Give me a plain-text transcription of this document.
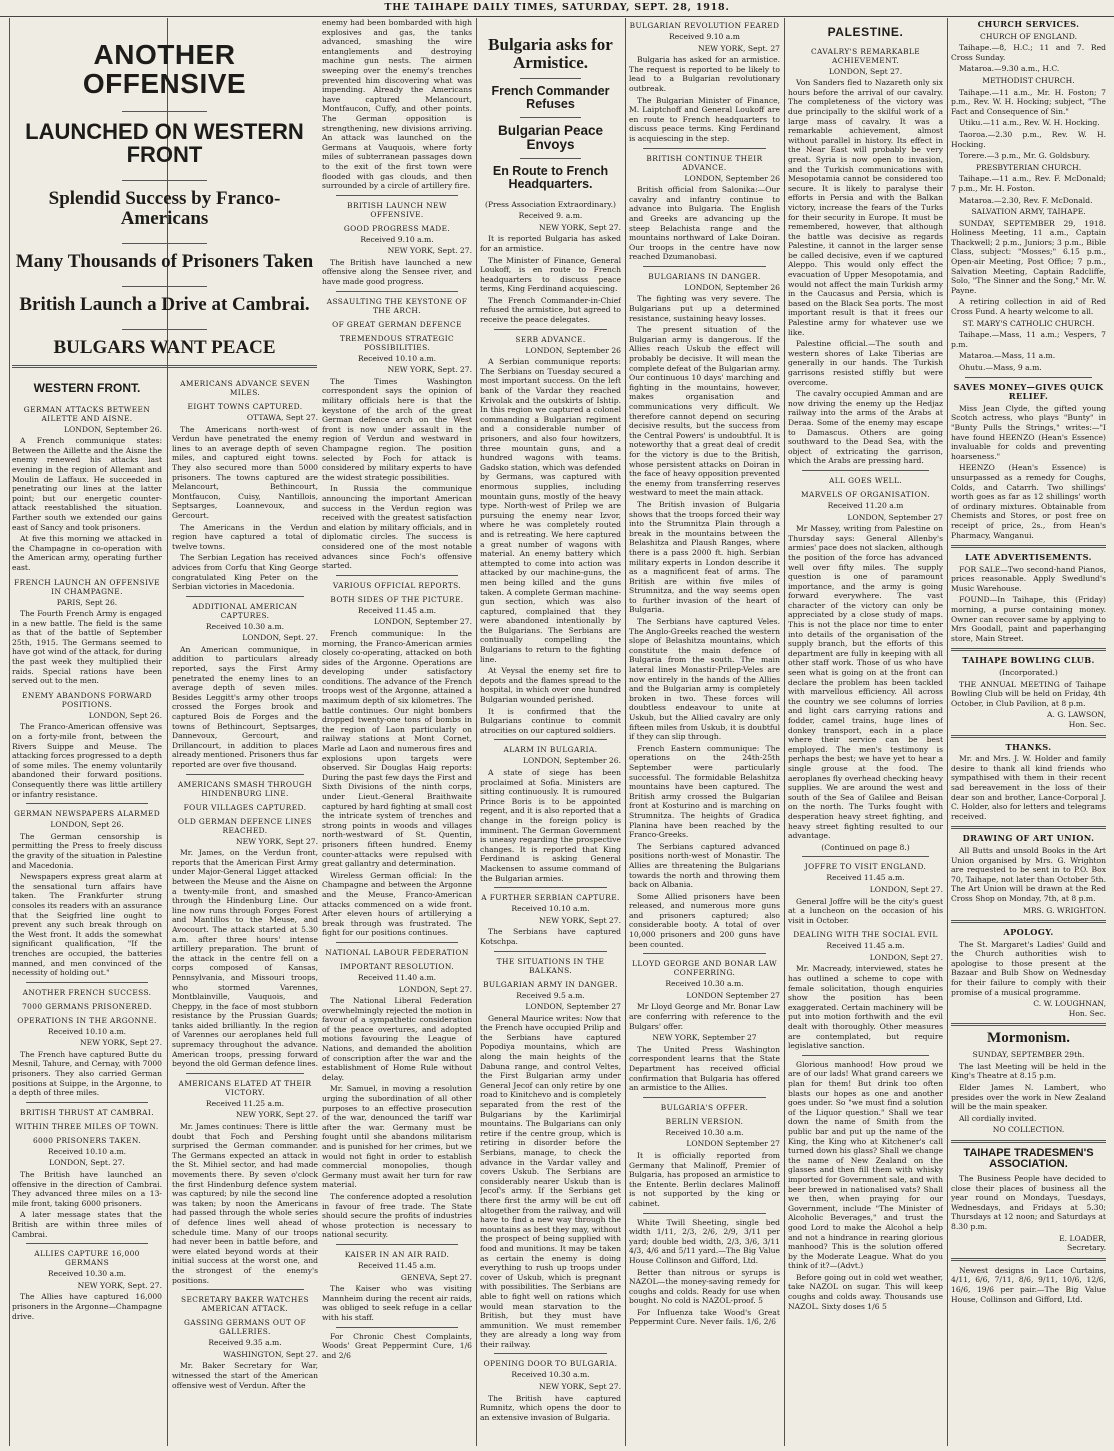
THE TAIHAPE DAILY TIMES, SATURDAY, SEPT. 28, 1918.
ANOTHER OFFENSIVE
LAUNCHED ON WESTERN FRONT
Splendid Success by Franco-Americans
Many Thousands of Prisoners Taken
British Launch a Drive at Cambrai.
BULGARS WANT PEACE
WESTERN FRONT.
GERMAN ATTACKS BETWEEN AILETTE AND AISNE.
LONDON, September 26.

A French communique states: Between the Aillette and the Aisne the enemy renewed his attacks last evening in the region of Allemant and Moulin de Laffaux. He succeeded in penetrating our lines at the latter point; but our energetic counter-attack reestablished the situation. Farther south we extended our gains east of Sancy and took prisoners.

At five this morning we attacked in the Champagne in co-operation with the American army, operating further east.

FRENCH LAUNCH AN OFFENSIVE IN CHAMPAGNE.
PARIS, Sept 26.

The Fourth French Army is engaged in a new battle. The field is the same as that of the battle of September 25th, 1915. The Germans seemed to have got wind of the attack, for during the past week they multiplied their raids. Special rations have been served out to the men.

ENEMY ABANDONS FORWARD POSITIONS.
LONDON, Sept 26.

The Franco-American offensive was on a forty-mile front, between the Rivers Suippe and Meuse. The attacking forces progressed to a depth of some miles. The enemy voluntarily abandoned their forward positions. Consequently there was little artillery or infantry resistance.

GERMAN NEWSPAPERS ALARMED
LONDON, Sept 26.

The German censorship is permitting the Press to freely discuss the gravity of the situation in Palestine and Macedonia.

Newspapers express great alarm at the sensational turn affairs have taken. The Frankfurter strung consoles its readers with an assurance that the Seigfried line ought to prevent any such break through on the West front. It adds the somewhat significant qualification, "If the trenches are occupied, the batteries manned, and men convinced of the necessity of holding out."

ANOTHER FRENCH SUCCESS.
7000 GERMANS PRISONERED.
OPERATIONS IN THE ARGONNE.
Received 10.10 a.m.
NEW YORK, Sept 27.

The French have captured Butte du Mesnil, Tahure, and Cernay, with 7000 prisoners. They also carried German positions at Suippe, in the Argonne, to a depth of three miles.

BRITISH THRUST AT CAMBRAI.
WITHIN THREE MILES OF TOWN.
6000 PRISONERS TAKEN.
Received 10.10 a.m.
LONDON, Sept. 27.

The British have launched an offensive in the direction of Cambrai. They advanced three miles on a 13-mile front, taking 6000 prisoners.

A later message states that the British are within three miles of Cambrai.

ALLIES CAPTURE 16,000 GERMANS
Received 10.30 a.m.
NEW YORK, Sept. 27.

The Allies have captured 16,000 prisoners in the Argonne—Champagne drive.

AMERICANS ADVANCE SEVEN MILES.
EIGHT TOWNS CAPTURED.
OTTAWA, Sept 27.

The Americans north-west of Verdun have penetrated the enemy lines to an average depth of seven miles, and captured eight towns. They also secured more than 5000 prisoners. The towns captured are Melancourt, Bethincourt, Montfaucon, Cuisy, Nantillois, Septsarges, Loannevoux, and Gercourt.

The Americans in the Verdun region have captured a total of twelve towns.

The Serbian Legation has received advices from Corfu that King George congratulated King Peter on the Serbian victories in Macedonia.

ADDITIONAL AMERICAN CAPTURES.
Received 10.30 a.m.
LONDON, Sept. 27.

An American communique, in addition to particulars already reported, says the First Army penetrated the enemy lines to an average depth of seven miles. Besides Leggitt's army other troops crossed the Forges brook and captured Bois de Forges and the towns of Bethincourt, Septsarges, Dannevoux, Gercourt, and Drillancourt, in addition to places already mentioned. Prisoners thus far reported are over five thousand.

AMERICANS SMASH THROUGH HINDENBURG LINE.
FOUR VILLAGES CAPTURED.
OLD GERMAN DEFENCE LINES REACHED.
NEW YORK, Sept 27.

Mr. James, on the Verdun front, reports that the American First Army under Major-General Ligget attacked between the Meuse and the Aisne on a twenty-mile front, and smashed through the Hindenburg Line. Our line now runs through Forges Forest and Mantillos to the Meuse, and Avocourt. The attack started at 5.30 a.m. after three hours' intense artillery preparation. The brunt of the attack in the centre fell on a corps composed of Kansas, Pennsylvania, and Missouri troops, who stormed Varennes, Montblainville, Vauquois, and Cheppy, in the face of most stubborn resistance by the Prussian Guards; tanks aided brilliantly. In the region of Varennes our aeroplanes held full supremacy throughout the advance. American troops, pressing forward beyond the old German defence lines.

AMERICANS ELATED AT THEIR VICTORY.
Received 11.25 a.m.
NEW YORK, Sept 27.

Mr. James continues: There is little doubt that Foch and Pershing surprised the German commander. The Germans expected an attack in the St. Mihiel sector, and had made movements there. By seven o'clock the first Hindenburg defence system was captured; by nile the second line was taken; by noon the Americans had passed through the whole series of defence lines well ahead of schedule time. Many of our troops had never been in battle before, and were elated beyond words at their initial success at the worst one, and the strongest of the enemy's positions.

SECRETARY BAKER WATCHES AMERICAN ATTACK.
GASSING GERMANS OUT OF GALLERIES.
Received 9.35 a.m.
WASHINGTON, Sept 27.

Mr. Baker Secretary for War, witnessed the start of the American offensive west of Verdun. After the

enemy had been bombarded with high explosives and gas, the tanks advanced, smashing the wire entanglements and destroying machine gun nests. The airmen sweeping over the enemy's trenches prevented him discovering what was impending. Already the Americans have captured Melancourt, Montfaucon, Cuffy, and other points. The German opposition is strengthening, new divisions arriving. An attack was launched on the Germans at Vauquois, where forty miles of subterranean passages down to the exit of the first town were flooded with gas clouds, and then surrounded by a circle of artillery fire.

BRITISH LAUNCH NEW OFFENSIVE.
GOOD PROGRESS MADE.
Received 9.10 a.m.
NEW YORK, Sept. 27.

The British have launched a new offensive along the Sensee river, and have made good progress.

ASSAULTING THE KEYSTONE OF THE ARCH.
OF GREAT GERMAN DEFENCE
TREMENDOUS STRATEGIC POSSIBILITIES.
Received 10.10 a.m.
NEW YORK, Sept. 27.

The Times Washington correspondent says the opinion of military officials here is that the keystone of the arch of the great German defence arch on the West front is now under assault in the region of Verdun and westward in Champagne region. The position selected by Foch for attack is considered by military experts to have the widest strategic possibilities.

In Russia the communique announcing the important American success in the Verdun region was received with the greatest satisfaction and elation by military officials, and in diplomatic circles. The success is considered one of the most notable advances since Foch's offensive started.

VARIOUS OFFICIAL REPORTS.
BOTH SIDES OF THE PICTURE.
Received 11.45 a.m.
LONDON, September 27.

French communique: In the morning, the Franco-American armies closely co-operating, attacked on both sides of the Argonne. Operations are developing under satisfactory conditions. The advance of the French troops west of the Argonne, attained a maximum depth of six kilometres. The battle continues. Our night bombers dropped twenty-one tons of bombs in the region of Laon particularly on railway stations at Mont Cornet, Marle ad Laon and numerous fires and explosions upon targets were observed. Sir Douglas Haig reports: During the past few days the First and Sixth Divisions of the ninth corps, under Lieut.-General Braithwaite captured by hard fighting at small cost the intricate system of trenches and strong points in woods and villages north-westward of St. Quentin, prisoners fifteen hundred. Enemy counter-attacks were repulsed with great gallantry and determination.

Wireless German official: In the Champagne and between the Argonne and the Meuse, Franco-American attacks commenced on a wide front. After eleven hours of artillerying a break through was frustrated. The fight for our positions continues.

NATIONAL LABOUR FEDERATION
IMPORTANT RESOLUTION.
Received 11.40 a.m.
LONDON, Sept 27.

The National Liberal Federation overwhelmingly rejected the motion in favour of a sympathetic consideration of the peace overtures, and adopted motions favouring the League of Nations, and demanded the abolition of conscription after the war and the establishment of Home Rule without delay.

Mr. Samuel, in moving a resolution urging the subordination of all other purposes to an effective prosecution of the war, denounced the tariff war after the war. Germany must be fought until she abandons militarism and is punished for her crimes, but we would not fight in order to establish commercial monopolies, though Germany must await her turn for raw material.

The conference adopted a resolution in favour of free trade. The State should secure the profits of industries whose protection is necessary to national security.

KAISER IN AN AIR RAID.
Received 11.45 a.m.
GENEVA, Sept 27.

The Kaiser who was visiting Mannheim during the recent air raids, was obliged to seek refuge in a cellar with his staff.

For Chronic Chest Complaints, Woods' Great Peppermint Cure, 1/6 and 2/6

Bulgaria asks for Armistice.
French Commander Refuses
Bulgarian Peace Envoys
En Route to French Headquarters.
(Press Association Extraordinary.)
Received 9. a.m.
NEW YORK, Sept 27.

It is reported Bulgaria has asked for an armistice.

The Minister of Finance, General Loukoff, is en route to French headquarters to discuss peace terms, King Ferdinand acquiescing.

The French Commander-in-Chief refused the armistice, but agreed to receive the peace delegates.

SERB ADVANCE.
LONDON, September 26

A Serbian communique reports: The Serbians on Tuesday secured a most important success. On the left bank of the Vardar they reached Krivolak and the outskirts of Ishtip. In this region we captured a colonel commanding a Bulgarian regiment and a considerable number of prisoners, and also four howitzers, three mountain guns, and a hundred wagons with teams. Gadsko station, which was defended by Germans, was captured with enormous supplies, including mountain guns, mostly of the heavy type. North-west of Prilep we are pursuing the enemy near Izvor, where he was completely routed and is retreating. We here captured a great number of wagons with material. An enemy battery which attempted to come into action was attacked by our machine-guns, the men being killed and the guns taken. A complete German machine-gun section, which was also captured, complained that they were abandoned intentionally by the Bulgarians. The Serbians are continually compelling the Bulgarians to return to the fighting line.

At Veysal the enemy set fire to depots and the flames spread to the hospital, in which over one hundred Bulgarian wounded perished.

It is confirmed that the Bulgarians continue to commit atrocities on our captured soldiers.

ALARM IN BULGARIA.
LONDON, September 26.

A state of siege has been proclaimed at Sofia. Ministers are sitting continuously. It is rumoured Prince Boris is to be appointed regent, and it is also reported that a change in the foreign policy is imminent. The German Government is uneasy regarding the prospective changes. It is reported that King Ferdinand is asking General Mackensen to assume command of the Bulgarian armies.

A FURTHER SERBIAN CAPTURE.
Received 10.10 a.m.
NEW YORK, Sept 27.

The Serbians have captured Kotschpa.

THE SITUATIONS IN THE BALKANS.
BULGARIAN ARMY IN DANGER.
Received 9.5 a.m.
LONDON, September 27

General Maurice writes: Now that the French have occupied Prilip and the Serbians have captured Popodiya mountains, which are along the main heights of the Dabuna range, and control Veltes, the First Bulgarian army under General Jecof can only retire by one road to Kinitchevo and is completely separated from the rest of the Bulgarians by the Karlimirjal mountains. The Bulgarians can only retire if the centre group, which is retiring in disorder before the Serbians, manage, to check the advance in the Vardar valley and covers Uskub. The Serbians are considerably nearer Uskub than is Jecof's army. If the Serbians get there first the army will be cut off altogether from the railway, and will have to find a new way through the mountains as best they may, without the prospect of being supplied with food and munitions. It may be taken as certain the enemy is doing everything to rush up troops under cover of Uskub, which is pregnant with possibilities. The Serbians are able to fight well on rations which would mean starvation to the British, but they must have ammunition. We must remember they are already a long way from their railway.

OPENING DOOR TO BULGARIA.
Received 10.30 a.m.
NEW YORK, Sept 27.

The British have captured Rumnitz, which opens the door to an extensive invasion of Bulgaria.

BULGARIAN REVOLUTION FEARED
Received 9.10 a.m
NEW YORK, Sept. 27

Bulgaria has asked for an armistice. The request is reported to be likely to lead to a Bulgarian revolutionary outbreak.

The Bulgarian Minister of Finance, M. Laiptchoff and General Loukoff are en route to French headquarters to discuss peace terms. King Ferdinand is acquiescing in the step.

BRITISH CONTINUE THEIR ADVANCE.
LONDON, September 26

British official from Salonika:—Our cavalry and infantry continue to advance into Bulgaria. The English and Greeks are advancing up the steep Belachista range and the mountains northward of Lake Doiran. Our troops in the centre have now reached Dzumanobasi.

BULGARIANS IN DANGER.
LONDON, September 26

The fighting was very severe. The Bulgarians put up a determined resistance, sustaining heavy losses.

The present situation of the Bulgarian army is dangerous. If the Allies reach Uskub the effect will probably be decisive. It will mean the complete defeat of the Bulgarian army. Our continuous 10 days' marching and fighting in the mountains, however, makes organisation and communications very difficult. We therefore cannot depend on securing decisive results, but the success from the Central Powers' is undoubtful. It is noteworthy that a great deal of credit for the victory is due to the British, whose persistent attacks on Doiran in the face of heavy opposition prevented the enemy from transferring reserves westward to meet the main attack.

The British invasion of Bulgaria shows that the troops forced their way into the Strumnitza Plain through a break in the mountains between the Belashitza and Plaush Ranges, where there is a pass 2000 ft. high. Serbian military experts in London describe it as a magnificent feat of arms. The British are within five miles of Strumnitza, and the way seems open to further invasion of the heart of Bulgaria.

The Serbians have captured Veles. The Anglo-Greeks reached the western slope of Belashitza mountains, which constitute the main defence of Bulgaria from the south. The main lateral lines Monastir-Prilep-Veles are now entirely in the hands of the Allies and the Bulgarian army is completely broken in two. These forces will doubtless endeavour to unite at Uskub, but the Allied cavalry are only fifteen miles from Uskub, it is doubtful if they can slip through.

French Eastern communique: The operations on the 24th-25th September were particularly successful. The formidable Belashitza mountains have been captured. The British army crossed the Bulgarian front at Kosturino and is marching on Strumnitza. The heights of Gradica Planina have been reached by the Franco-Greeks.

The Serbians captured advanced positions north-west of Monastir. The Allies are threatening the Bulgarians towards the north and throwing them back on Albania.

Some Allied prisoners have been released, and numerous more guns and prisoners captured; also considerable booty. A total of over 10,000 prisoners and 200 guns have been counted.

LLOYD GEORGE AND BONAR LAW CONFERRING.
Received 10.30 a.m.
LONDON September 27

Mr Lloyd George and Mr. Bonar Law are conferring with reference to the Bulgars' offer.

NEW YORK, September 27

The United Press Washington correspondent learns that the State Department has received official confirmation that Bulgaria has offered an armistice to the Allies.

BULGARIA'S OFFER.
BERLIN VERSION.
Received 10.30 a.m.
LONDON September 27

It is officially reported from Germany that Malinoff, Premier of Bulgaria, has proposed an armistice to the Entente. Berlin declares Malinoff is not supported by the king or cabinet.

White Twill Sheeting, single bed width 1/11, 2/3, 2/6, 2/9, 3/11 per yard; double bed width, 2/3, 3/6, 3/11 4/3, 4/6 and 5/11 yard.—The Big Value House Collinson and Gifford, Ltd.

Better than nitrous or syrups is NAZOL—the money-saving remedy for coughs and colds. Ready for use when bought. No cold is NAZOL-proof. 5

For Influenza take Wood's Great Peppermint Cure. Never fails. 1/6, 2/6

PALESTINE.
CAVALRY'S REMARKABLE ACHIEVEMENT.
LONDON, Sept 27.

Von Sanders fled to Nazareth only six hours before the arrival of our cavalry. The completeness of the victory was due principally to the skilful work of a large mass of cavalry. It was a remarkable achievement, almost without parallel in history. Its effect in the Near East will probably be very great. Syria is now open to invasion, and the Turkish communications with Mesopotamia cannot be considered too secure. It is likely to paralyse their efforts in Persia and with the Balkan victory, increase the fears of the Turks for their security in Europe. It must be remembered, however, that although the battle was decisive as regards Palestine, it cannot in the larger sense be called decisive, even if we captured Aleppo. This would only effect the evacuation of Upper Mesopotamia, and would not affect the main Turkish army in the Caucasus and Persia, which is based on the Black Sea ports. The most important result is that it frees our Palestine army for whatever use we like.

Palestine official.—The south and western shores of Lake Tiberias are generally in our hands. The Turkish garrisons resisted stiffly but were overcome.

The cavalry occupied Amman and are now driving the enemy up the Hedjaz railway into the arms of the Arabs at Deraa. Some of the enemy may escape to Damascus. Others are going southward to the Dead Sea, with the object of extricating the garrison, which the Arabs are pressing hard.

ALL GOES WELL.
MARVELS OF ORGANISATION.
Received 11.20 a.m
LONDON, September 27

Mr Massey, writing from Palestine on Thursday says: General Allenby's armies' pace does not slacken, although the position of the force has advanced well over fifty miles. The supply question is one of paramount importance, and the army is going forward everywhere. The vast character of the victory can only be appreciated by a close study of maps. This is not the place nor time to enter into details of the organisation of the supply branch, but the efforts of this department are fully in keeping with all other staff work. Those of us who have seen what is going on at the front can declare the problem has been tackled with marvellous efficiency. All across the country we see columns of lorries and light cars carrying rations and fodder, camel trains, huge lines of donkey transport, each in a place where their service can be best employed. The men's testimony is perhaps the best; we have yet to hear a single grouse at the food. The aeroplanes fly overhead checking heavy supplies. We are around the west and south of the Sea of Galilee and Beisan on the north. The Turks fought with desperation heavy street fighting, and heavy street fighting resulted to our advantage.

(Continued on page 8.)
JOFFRE TO VISIT ENGLAND.
Received 11.45 a.m.
LONDON, Sept 27.

General Joffre will be the city's guest at a luncheon on the occasion of his visit in October.

DEALING WITH THE SOCIAL EVIL
Received 11.45 a.m.
LONDON, Sept 27.

Mr. Macready, interviewed, states he has outlined a scheme to cope with female solicitation, though enquiries show the position has been exaggerated. Certain machinery will be put into motion forthwith and the evil dealt with thoroughly. Other measures are contemplated, but require legislative sanction.

Glorious manhood! How proud we are of our lads! What grand careers we plan for them! But drink too often blasts our hopes as one and another goes under. So "we must find a solution of the Liquor question." Shall we tear down the name of Smith from the public bar and put up the name of the King, the King who at Kitchener's call turned down his glass? Shall we change the name of New Zealand on the glasses and then fill them with whisky imported for Government sale, and with beer brewed in nationalised vats? Shall we then, when praying for our Government, include "The Minister of Alcoholic Beverages," and trust the good Lord to make the Alcohol a help and not a hindrance in rearing glorious manhood? This is the solution offered by the Moderate League. What do you think of it?—(Advt.)

Before going out in cold wet weather, take NAZOL on sugar. This will keep coughs and colds away. Thousands use NAZOL. Sixty doses 1/6 5

CHURCH SERVICES.
CHURCH OF ENGLAND.

Taihape.—8, H.C.; 11 and 7. Red Cross Sunday.

Mataroa.—9.30 a.m., H.C.

METHODIST CHURCH.

Taihape.—11 a.m., Mr. H. Foston; 7 p.m., Rev. W. H. Hocking; subject, "The Fact and Consequence of Sin."

Utiku.—11 a.m., Rev. W. H. Hocking.

Taoroa.—2.30 p.m., Rev. W. H. Hocking.

Torere.—3 p.m., Mr. G. Goldsbury.

PRESBYTERIAN CHURCH.

Taihape.—11 a.m., Rev. F. McDonald; 7 p.m., Mr. H. Foston.

Mataroa.—2.30, Rev. F. McDonald.

SALVATION ARMY, TAIHAPE.

SUNDAY, SEPTEMBER 29, 1918. Holiness Meeting, 11 a.m., Captain Thackwell; 2 p.m., Juniors; 3 p.m., Bible Class, subject: "Mosses;" 6.15 p.m., Open-air Meeting, Post Office; 7 p.m., Salvation Meeting, Captain Radcliffe, Solo, "The Sinner and the Song," Mr. W. Payne.

A retiring collection in aid of Red Cross Fund. A hearty welcome to all.

ST. MARY'S CATHOLIC CHURCH.

Taihape.—Mass, 11 a.m.; Vespers, 7 p.m.

Mataroa.—Mass, 11 a.m.

Ohutu.—Mass, 9 a.m.

SAVES MONEY—GIVES QUICK RELIEF.

Miss Jean Clyde, the gifted young Scotch actress, who plays "Bunty" in "Bunty Pulls the Strings," writes:—"I have found HEENZO (Hean's Essence) invaluable for colds and preventing hoarseness."

HEENZO (Hean's Essence) is unsurpassed as a remedy for Coughs, Colds, and Catarrh. Two shillings' worth goes as far as 12 shillings' worth of ordinary mixtures. Obtainable from Chemists and Stores, or post free on receipt of price, 2s., from Hean's Pharmacy, Wanganui.

LATE ADVERTISEMENTS.

FOR SALE—Two second-hand Pianos, prices reasonable. Apply Swedlund's Music Warehouse.

FOUND—In Taihape, this (Friday) morning, a purse containing money. Owner can recover same by applying to Mrs Goodall, paint and paperhanging store, Main Street.

TAIHAPE BOWLING CLUB.
(Incorporated.)

THE ANNUAL MEETING of Taihape Bowling Club will be held on Friday, 4th October, in Club Pavilion, at 8 p.m.

A. G. LAWSON,
Hon. Sec.
THANKS.

Mr. and Mrs. J. W. Holder and family desire to thank all kind friends who sympathised with them in their recent sad bereavement in the loss of their dear son and brother, Lance-Corporal J. C. Holder, also for letters and telegrams received.

DRAWING OF ART UNION.

All Butts and unsold Books in the Art Union organised by Mrs. G. Wrighton are requested to be sent in to P.O. Box 70, Taihape, not later than October 5th. The Art Union will be drawn at the Red Cross Shop on Monday, 7th, at 8 p.m.

MRS. G. WRIGHTON.
APOLOGY.

The St. Margaret's Ladies' Guild and the Church authorities wish to apologise to those present at the Bazaar and Bulb Show on Wednesday for their failure to comply with their promise of a musical programme.

C. W. LOUGHNAN,
Hon. Sec.
Mormonism.
SUNDAY, SEPTEMBER 29th.

The last Meeting will be held in the King's Theatre at 8.15 p.m.

Elder James N. Lambert, who presides over the work in New Zealand will be the main speaker.

All cordially invited.

NO COLLECTION.
TAIHAPE TRADESMEN'S ASSOCIATION.

The Business People have decided to close their places of business all the year round on Mondays, Tuesdays, Wednesdays, and Fridays at 5.30; Thursdays at 12 noon; and Saturdays at 8.30 p.m.

E. LOADER,
Secretary.

Newest designs in Lace Curtains, 4/11, 6/6, 7/11, 8/6, 9/11, 10/6, 12/6, 16/6, 19/6 per pair.—The Big Value House, Collinson and Gifford, Ltd.
